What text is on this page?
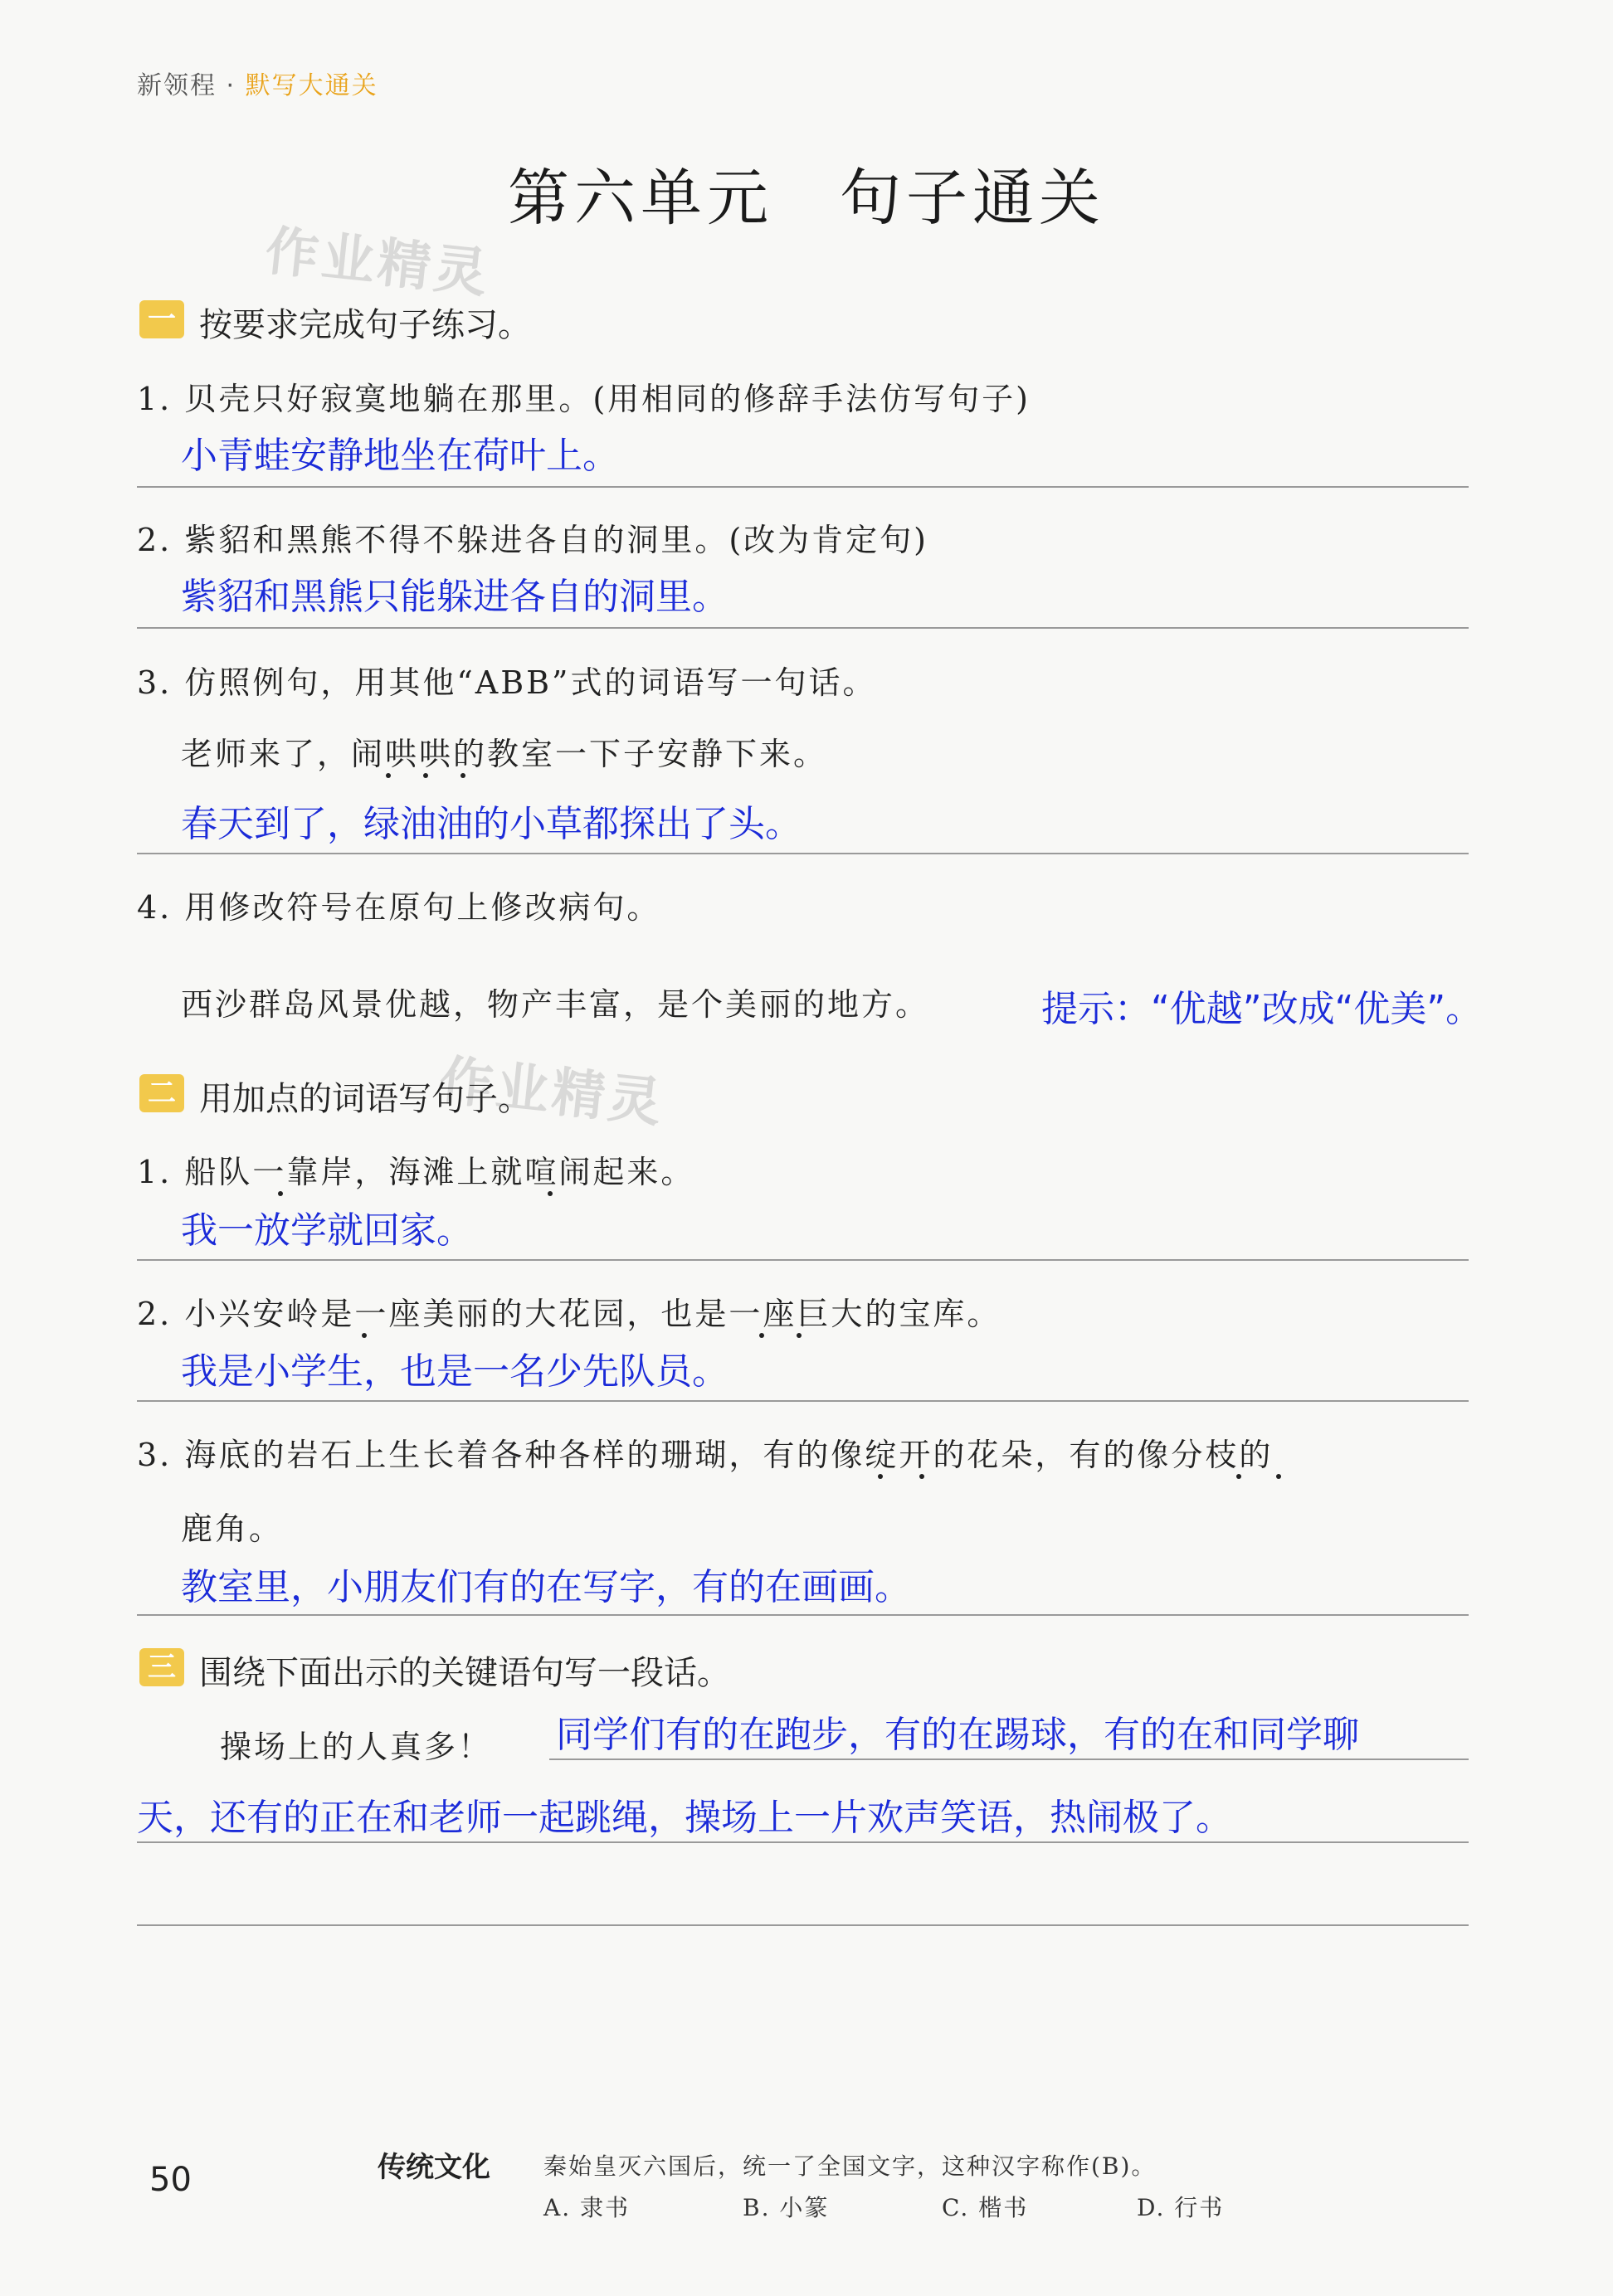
新领程 · 默写大通关
第六单元　句子通关
作业精灵
作业精灵
一 按要求完成句子练习。
1. 贝壳只好寂寞地躺在那里。(用相同的修辞手法仿写句子)
小青蛙安静地坐在荷叶上。
2. 紫貂和黑熊不得不躲进各自的洞里。(改为肯定句)
紫貂和黑熊只能躲进各自的洞里。
3. 仿照例句，用其他“ABB”式的词语写一句话。
老师来了，闹哄哄的教室一下子安静下来。
春天到了，绿油油的小草都探出了头。
4. 用修改符号在原句上修改病句。
西沙群岛风景优越，物产丰富，是个美丽的地方。	提示：“优越”改成“优美”。
二 用加点的词语写句子。
1. 船队一靠岸，海滩上就喧闹起来。
我一放学就回家。
2. 小兴安岭是一座美丽的大花园，也是一座巨大的宝库。
我是小学生，也是一名少先队员。
3. 海底的岩石上生长着各种各样的珊瑚，有的像绽开的花朵，有的像分枝的
鹿角。
教室里，小朋友们有的在写字，有的在画画。
三 围绕下面出示的关键语句写一段话。
操场上的人真多！ 同学们有的在跑步，有的在踢球，有的在和同学聊
天，还有的正在和老师一起跳绳，操场上一片欢声笑语，热闹极了。
50	传统文化 秦始皇灭六国后，统一了全国文字，这种汉字称作(B)。
A. 隶书	B. 小篆	C. 楷书	D. 行书
